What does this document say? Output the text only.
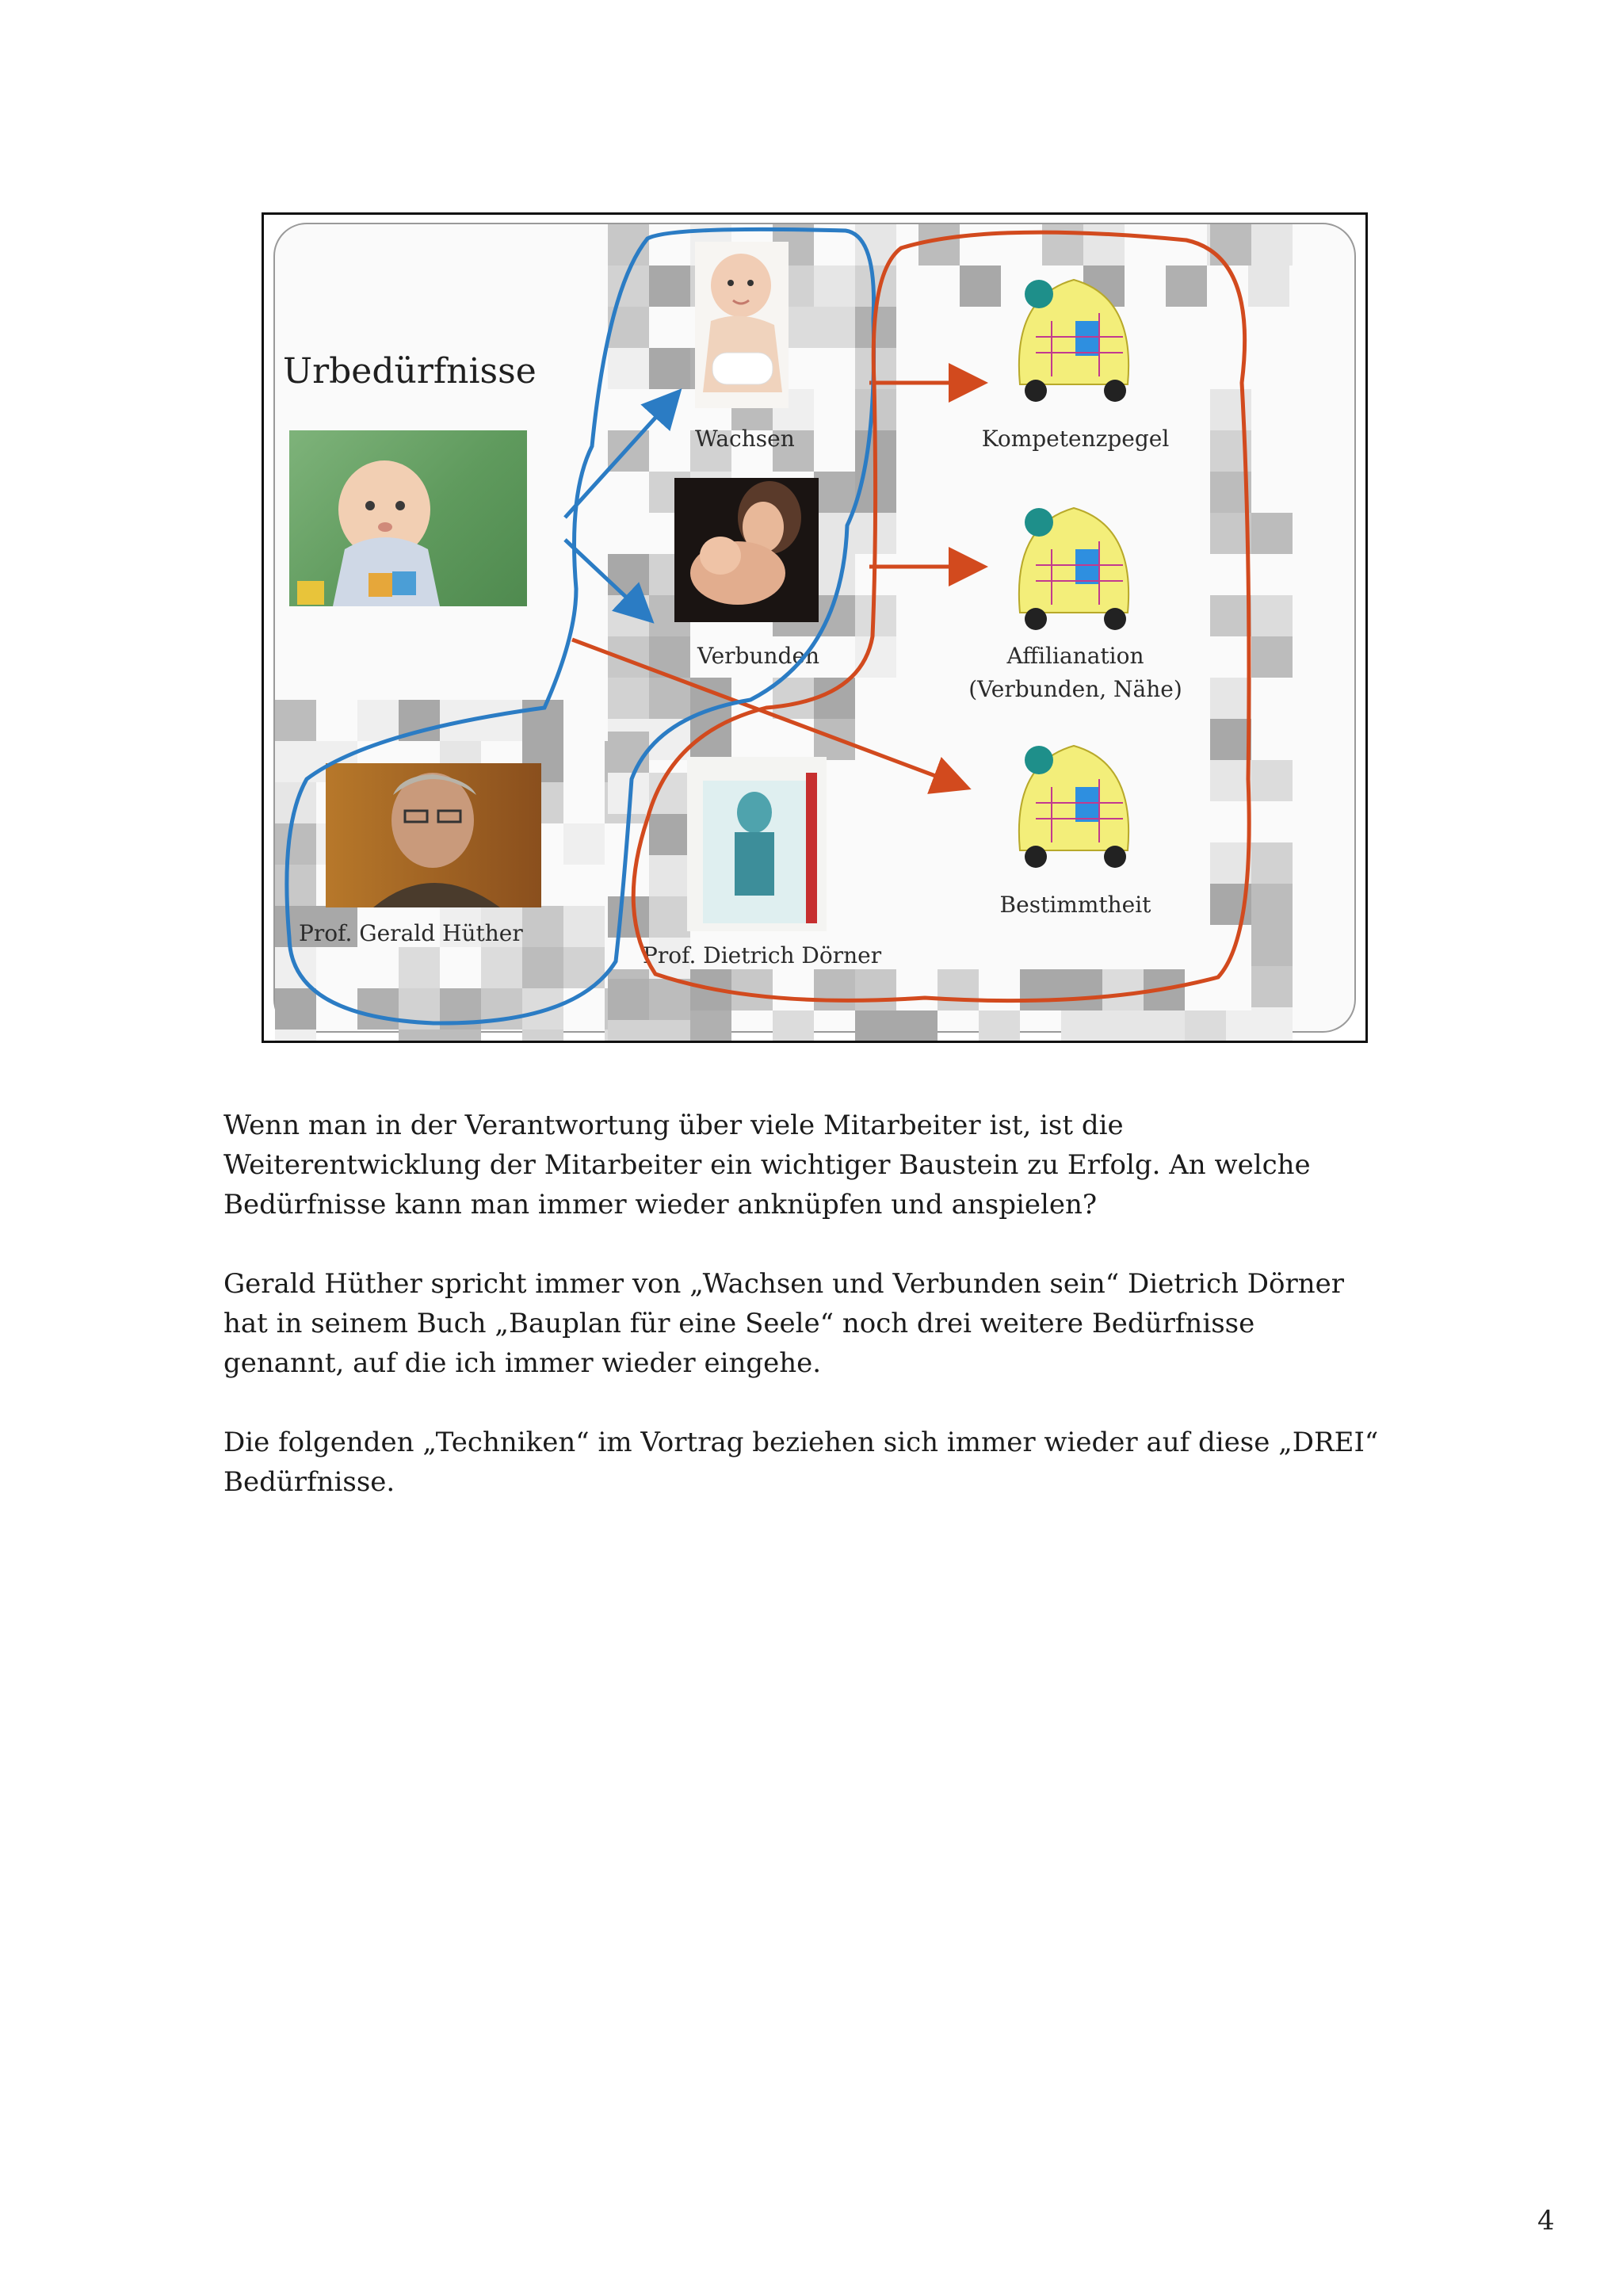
Urbedürfnisse
Wachsen
Verbunden
Kompetenzpegel
Affilianation
(Verbunden, Nähe)
Bestimmtheit
Prof. Gerald Hüther
Prof. Dietrich Dörner

Wenn man in der Verantwortung über viele Mitarbeiter ist, ist die Weiterentwicklung der Mitarbeiter ein wichtiger Baustein zu Erfolg. An welche Bedürfnisse kann man immer wieder anknüpfen und anspielen?

Gerald Hüther spricht immer von „Wachsen und Verbunden sein“ Dietrich Dörner hat in seinem Buch „Bauplan für eine Seele“ noch drei weitere Bedürfnisse genannt, auf die ich immer wieder eingehe.

Die folgenden „Techniken“ im Vortrag beziehen sich immer wieder auf diese „DREI“ Bedürfnisse.

4
